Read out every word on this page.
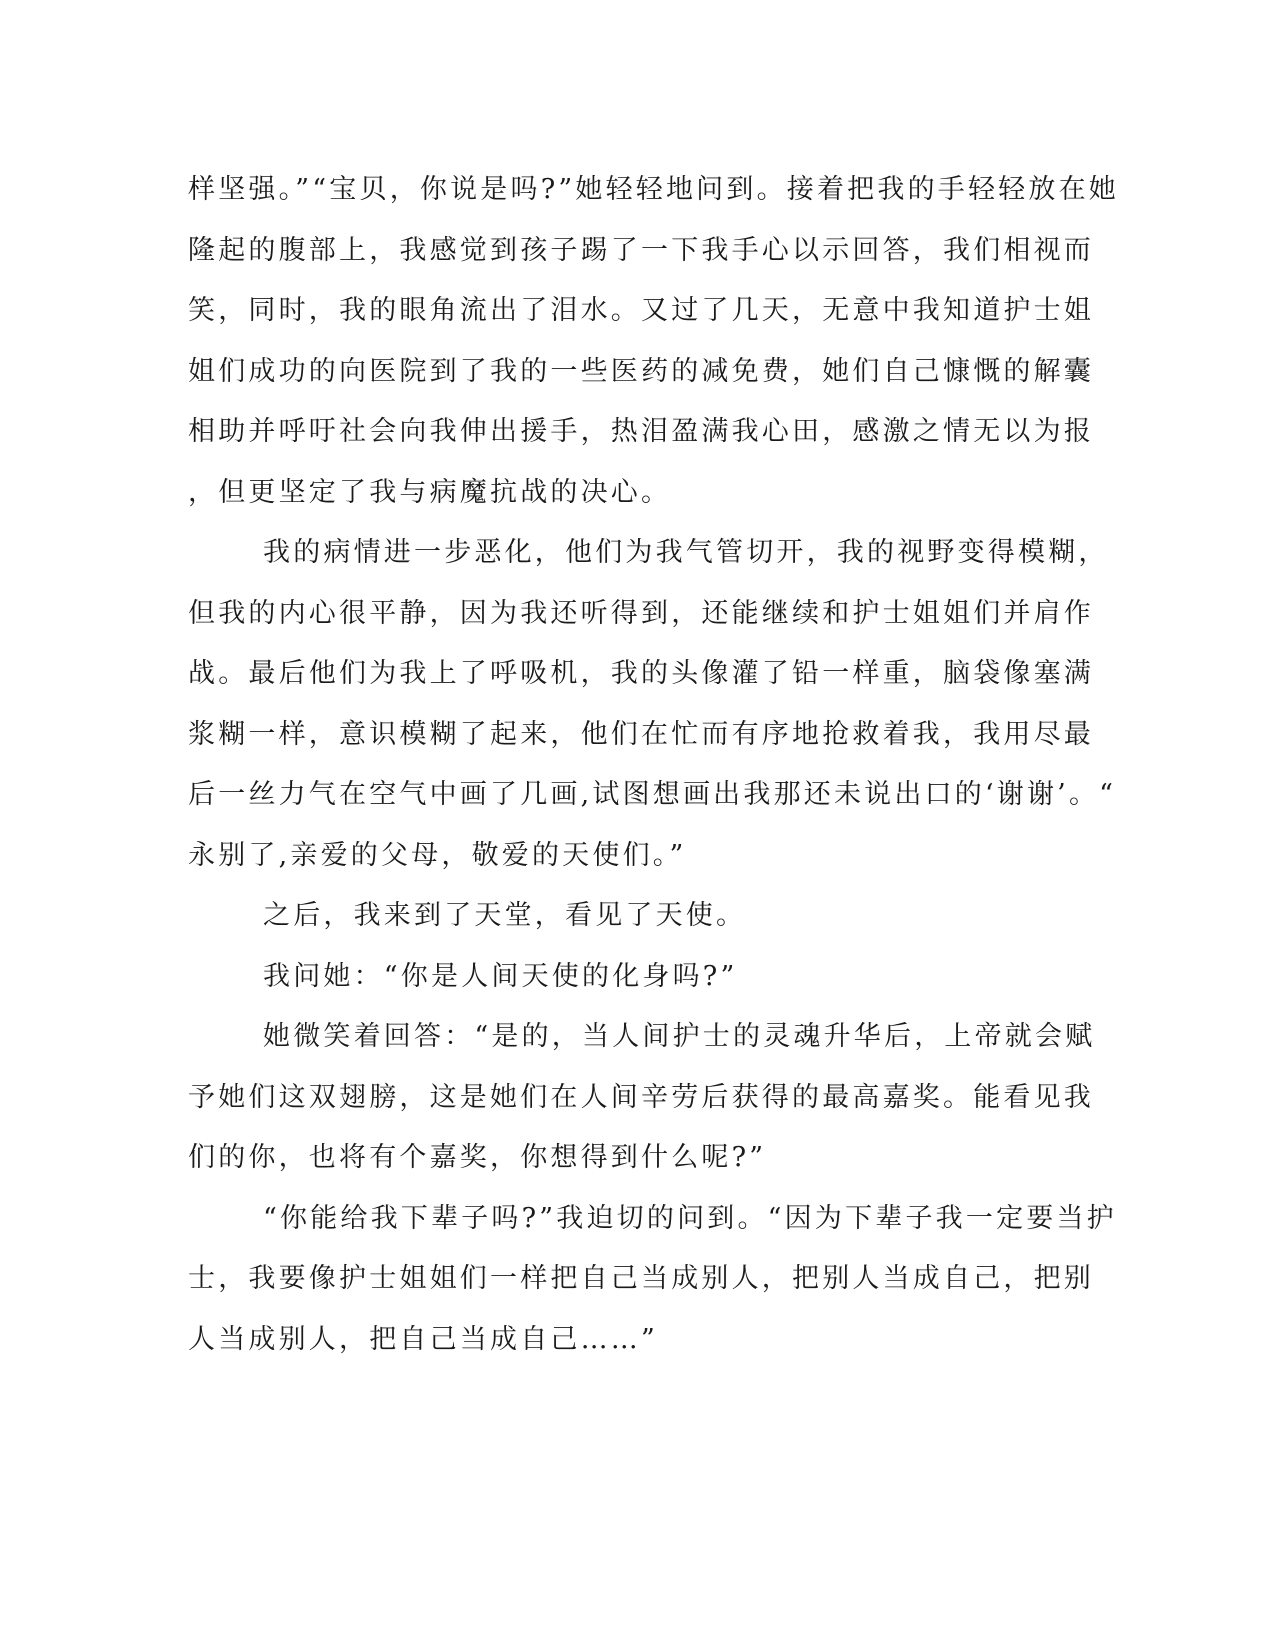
样坚强。”“宝贝，你说是吗?”她轻轻地问到。接着把我的手轻轻放在她
隆起的腹部上，我感觉到孩子踢了一下我手心以示回答，我们相视而
笑，同时，我的眼角流出了泪水。又过了几天，无意中我知道护士姐
姐们成功的向医院到了我的一些医药的减免费，她们自己慷慨的解囊
相助并呼吁社会向我伸出援手，热泪盈满我心田，感激之情无以为报
，但更坚定了我与病魔抗战的决心。
我的病情进一步恶化，他们为我气管切开，我的视野变得模糊，
但我的内心很平静，因为我还听得到，还能继续和护士姐姐们并肩作
战。最后他们为我上了呼吸机，我的头像灌了铅一样重，脑袋像塞满
浆糊一样，意识模糊了起来，他们在忙而有序地抢救着我，我用尽最
后一丝力气在空气中画了几画,试图想画出我那还未说出口的‘谢谢’。“
永别了,亲爱的父母，敬爱的天使们。”
之后，我来到了天堂，看见了天使。
我问她：“你是人间天使的化身吗?”
她微笑着回答：“是的，当人间护士的灵魂升华后，上帝就会赋
予她们这双翅膀，这是她们在人间辛劳后获得的最高嘉奖。能看见我
们的你，也将有个嘉奖，你想得到什么呢?”
“你能给我下辈子吗?”我迫切的问到。“因为下辈子我一定要当护
士，我要像护士姐姐们一样把自己当成别人，把别人当成自己，把别
人当成别人，把自己当成自己……”
